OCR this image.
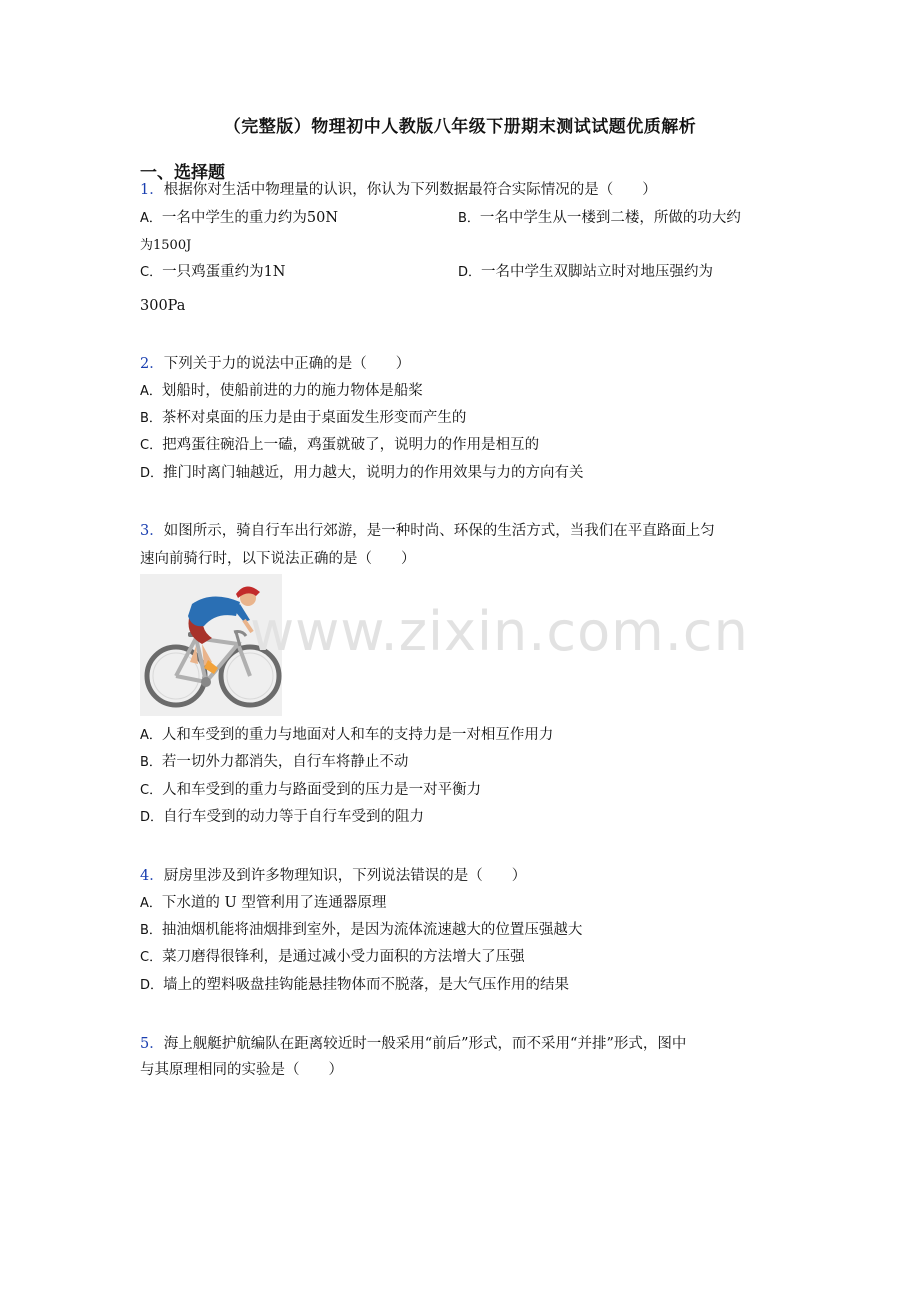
（完整版）物理初中人教版八年级下册期末测试试题优质解析
一、选择题
1．根据你对生活中物理量的认识，你认为下列数据最符合实际情况的是（　　）
A．一名中学生的重力约为50N	B．一名中学生从一楼到二楼，所做的功大约
为1500J
C．一只鸡蛋重约为1N	D．一名中学生双脚站立时对地压强约为
300Pa
2．下列关于力的说法中正确的是（　　）
A．划船时，使船前进的力的施力物体是船桨
B．茶杯对桌面的压力是由于桌面发生形变而产生的
C．把鸡蛋往碗沿上一磕，鸡蛋就破了，说明力的作用是相互的
D．推门时离门轴越近，用力越大，说明力的作用效果与力的方向有关
3．如图所示，骑自行车出行郊游，是一种时尚、环保的生活方式，当我们在平直路面上匀
速向前骑行时，以下说法正确的是（　　）
A．人和车受到的重力与地面对人和车的支持力是一对相互作用力
B．若一切外力都消失，自行车将静止不动
C．人和车受到的重力与路面受到的压力是一对平衡力
D．自行车受到的动力等于自行车受到的阻力
4．厨房里涉及到许多物理知识，下列说法错误的是（　　）
A．下水道的 U 型管利用了连通器原理
B．抽油烟机能将油烟排到室外，是因为流体流速越大的位置压强越大
C．菜刀磨得很锋利，是通过减小受力面积的方法增大了压强
D．墙上的塑料吸盘挂钩能悬挂物体而不脱落，是大气压作用的结果
5．海上舰艇护航编队在距离较近时一般采用“前后”形式，而不采用“并排”形式，图中
与其原理相同的实验是（　　）
www.zixin.com.cn
